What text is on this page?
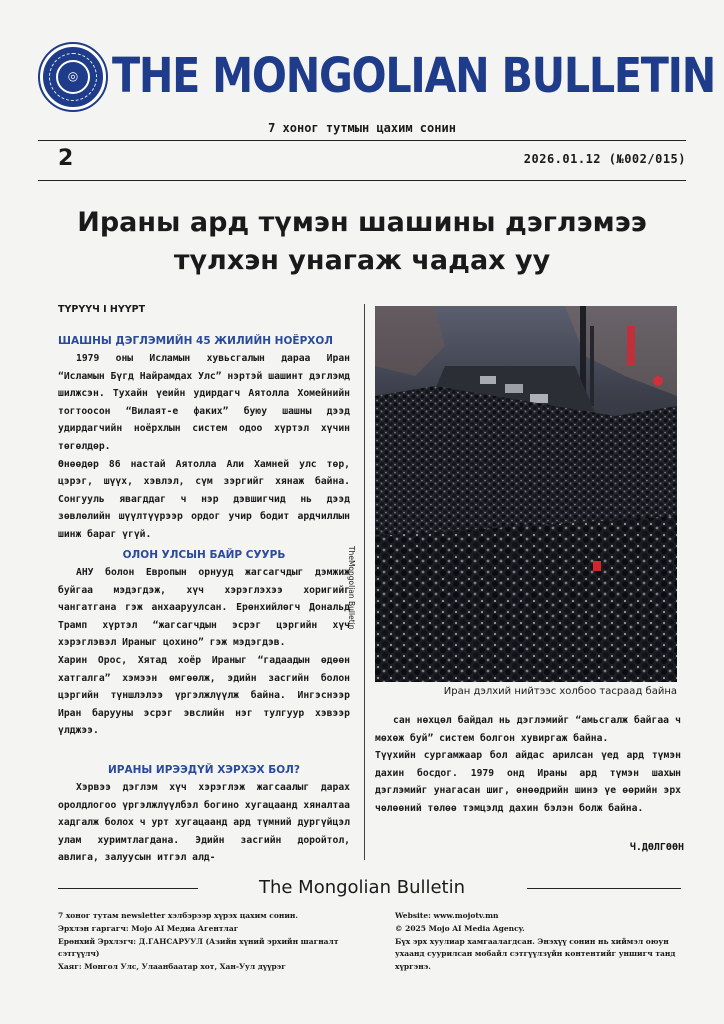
◎ THE MONGOLIAN BULLETIN
7 хоног тутмын цахим сонин
2	2026.01.12 (№002/015)
Ираны ард түмэн шашины дэглэмээ
түлхэн унагаж чадах уу
ТҮРҮҮЧ I НҮҮРТ
ШАШНЫ ДЭГЛЭМИЙН 45 ЖИЛИЙН НОЁРХОЛ

1979 оны Исламын хувьсгалын дараа Иран “Исламын Бүгд Найрамдах Улс” нэртэй шашинт дэглэмд шилжсэн. Тухайн үеийн удирдагч Аятолла Хомейнийн тогтоосон “Вилаят-е факих” буюу шашны дээд удирдагчийн ноёрхлын систем одоо хүртэл хүчин төгөлдөр.

Өнөөдөр 86 настай Аятолла Али Хамней улс төр, цэрэг, шүүх, хэвлэл, сүм зэргийг хянаж байна. Сонгууль явагддаг ч нэр дэвшигчид нь дээд зөвлөлийн шүүлтүүрээр ордог учир бодит ардчиллын шинж бараг үгүй.

ОЛОН УЛСЫН БАЙР СУУРЬ

АНУ болон Европын орнууд жагсагчдыг дэмжиж буйгаа мэдэгдэж, хүч хэрэглэхээ хоригийг чангатгана гэж анхааруулсан. Ерөнхийлөгч Дональд Трамп хүртэл “жагсагчдын эсрэг цэргийн хүч хэрэглэвэл Ираныг цохино” гэж мэдэгдэв.

Харин Орос, Хятад хоёр Ираныг “гадаадын өдөөн хатгалга” хэмээн өмгөөлж, эдийн засгийн болон цэргийн түншлэлээ үргэлжлүүлж байна. Ингэснээр Иран барууны эсрэг эвслийн нэг тулгуур хэвээр үлджээ.

ИРАНЫ ИРЭЭДҮЙ ХЭРХЭХ БОЛ?

Хэрвээ дэглэм хүч хэрэглэж жагсаалыг дарах оролдлогоо үргэлжлүүлбэл богино хугацаанд хяналтаа хадгалж болох ч урт хугацаанд ард түмний дургүйцэл улам хуримтлагдана. Эдийн засгийн доройтол, авлига, залуусын итгэл алд-

TheMongolian Bulletin
Иран дэлхий нийтээс холбоо тасраад байна

сан нөхцөл байдал нь дэглэмийг “амьсгалж байгаа ч мөхөж буй” систем болгон хувиргаж байна.

Түүхийн сургамжаар бол айдас арилсан үед ард түмэн дахин босдог. 1979 онд Ираны ард түмэн шахын дэглэмийг унагасан шиг, өнөөдрийн шинэ үе өөрийн эрх чөлөөний төлөө тэмцэлд дахин бэлэн болж байна.

Ч.ДӨЛГӨӨН
The Mongolian Bulletin
7 хоног тутам newsletter хэлбэрээр хүрэх цахим сонин.
Эрхлэн гаргагч: Mojo AI Медиа Агентлаг
Ерөнхий Эрхлэгч: Д.ГАНСАРУУЛ (Азийн хүний эрхийн шагналт сэтгүүлч)
Хаяг: Монгол Улс, Улаанбаатар хот, Хан-Уул дүүрэг
Website: www.mojotv.mn
© 2025 Mojo AI Media Agency.
Бүх эрх хуулиар хамгаалагдсан. Энэхүү сонин нь хиймэл оюун ухаанд суурилсан мобайл сэтгүүлзүйн контентийг уншигч танд хүргэнэ.
